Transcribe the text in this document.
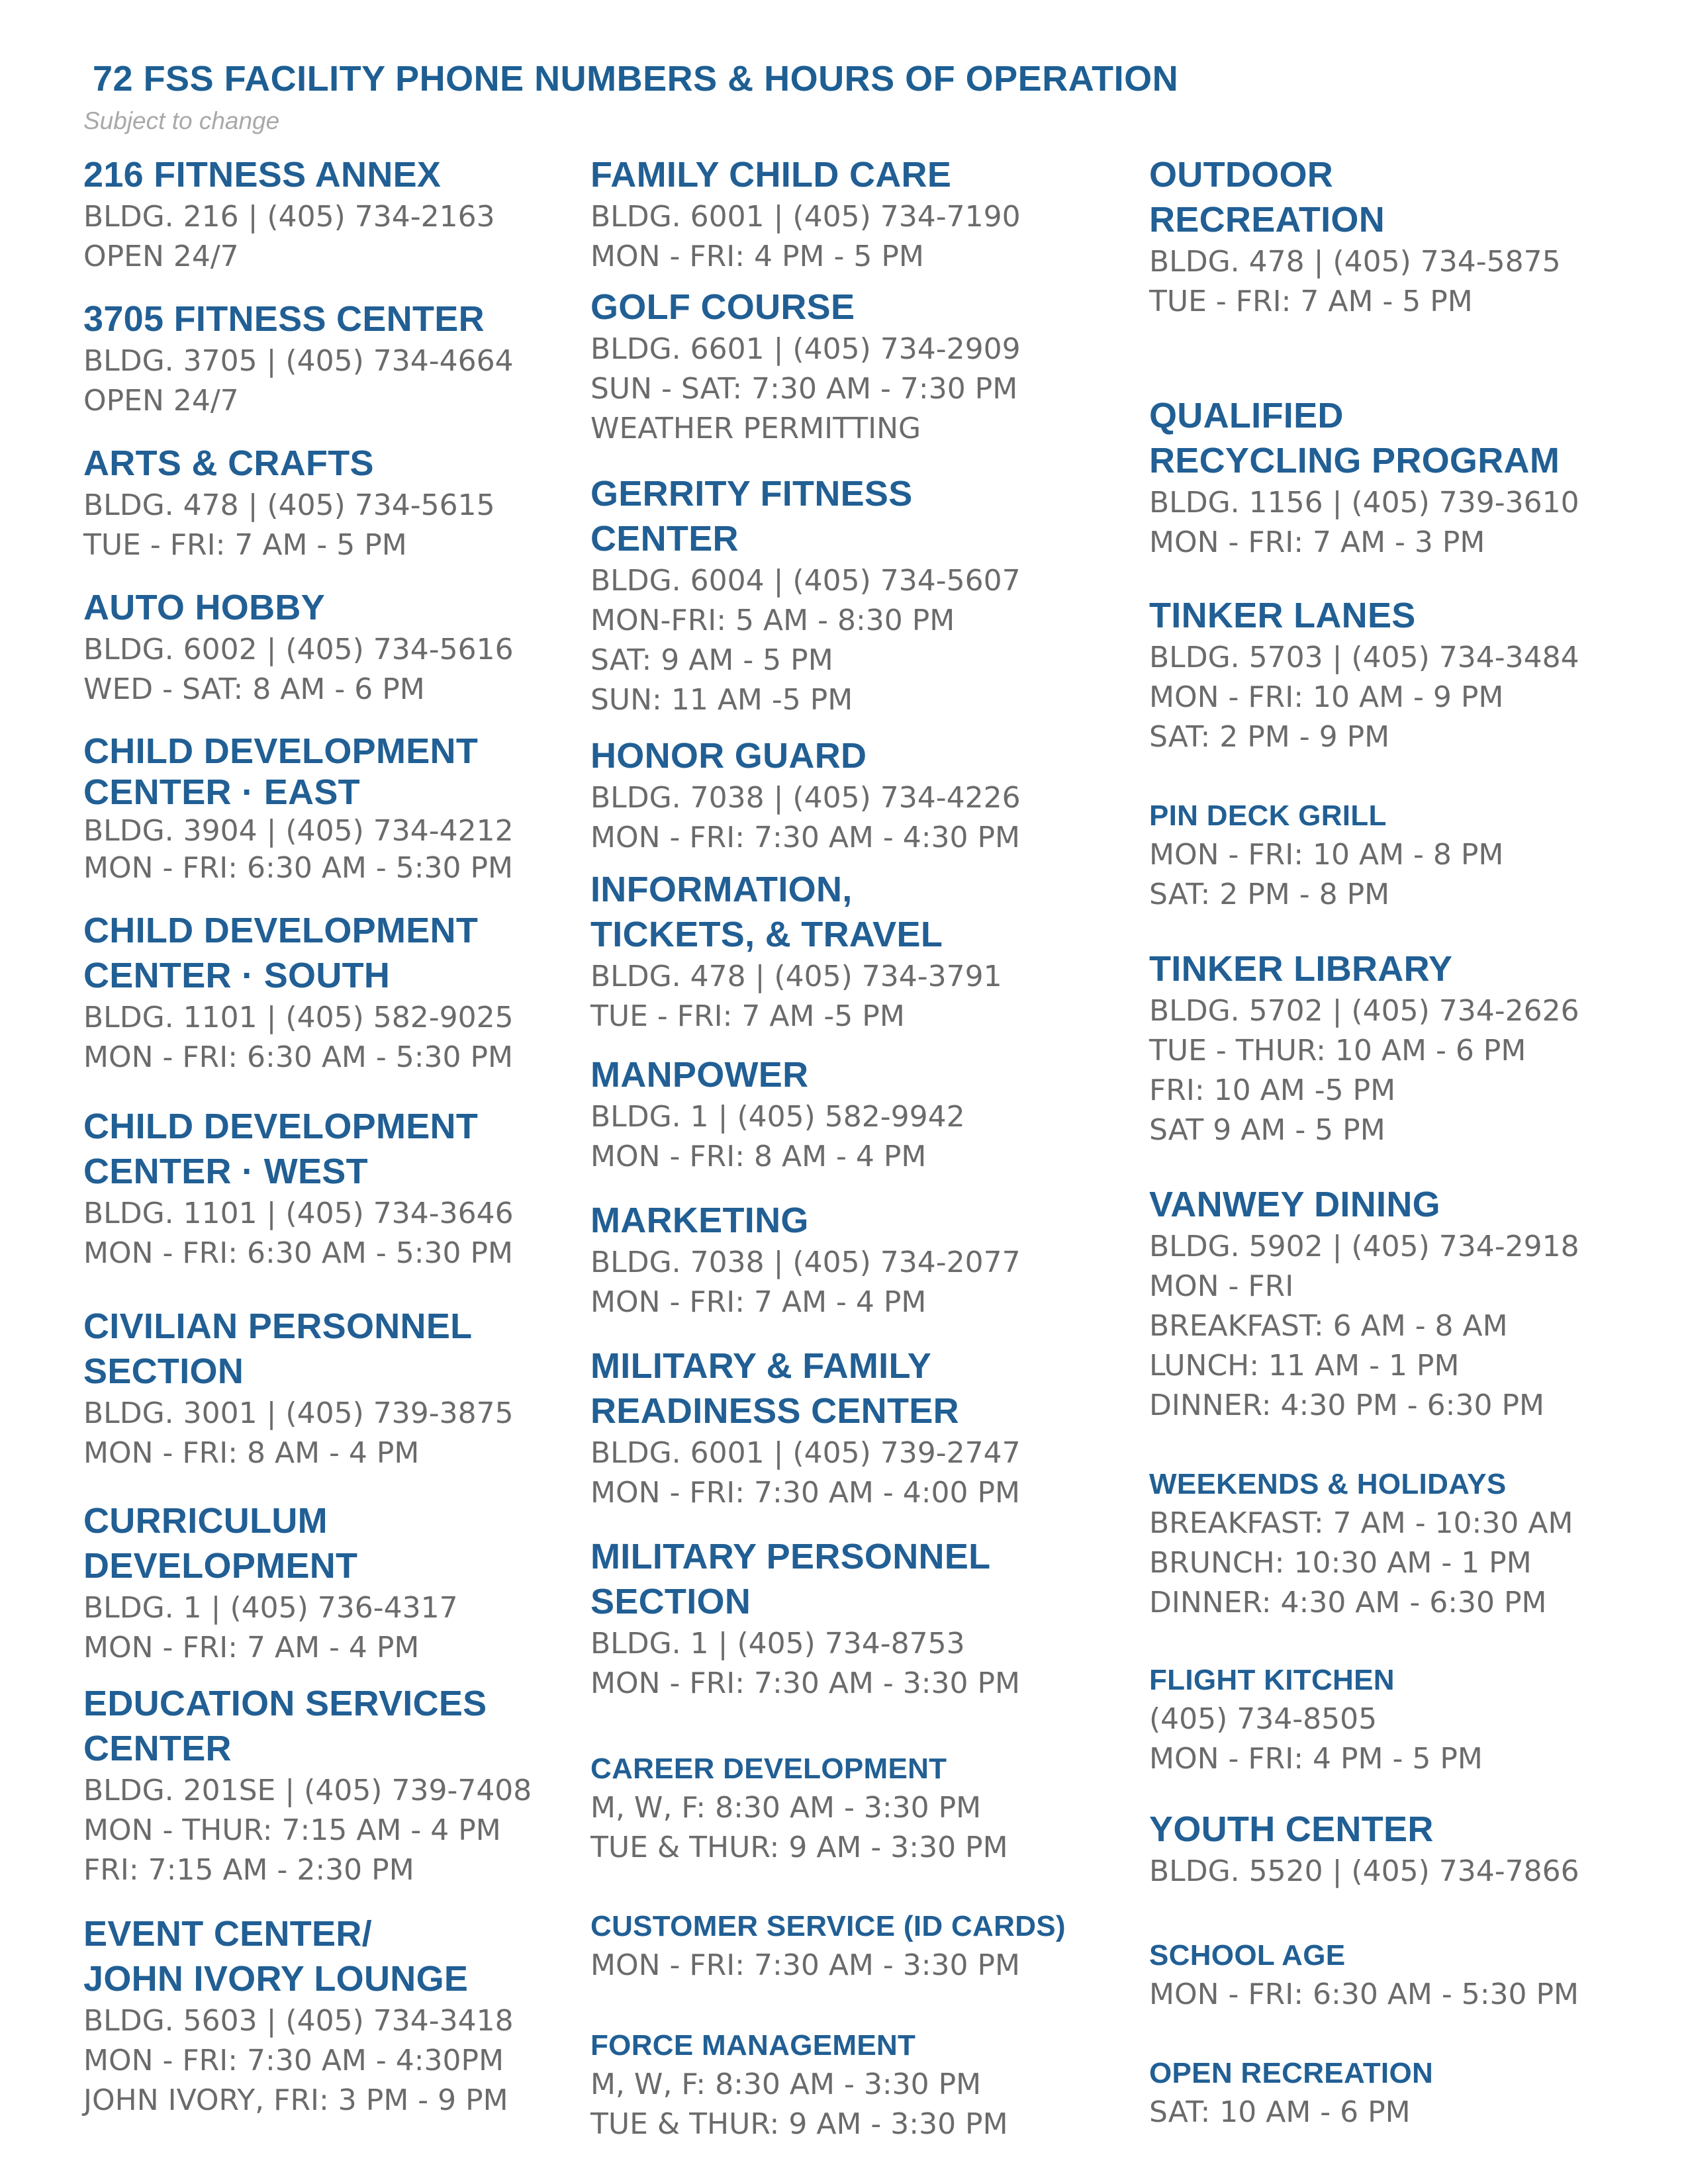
72 FSS FACILITY PHONE NUMBERS & HOURS OF OPERATION
Subject to change
216 FITNESS ANNEX
BLDG. 216 | (405) 734-2163
OPEN 24/7
3705 FITNESS CENTER
BLDG. 3705 | (405) 734-4664
OPEN 24/7
ARTS & CRAFTS
BLDG. 478 | (405) 734-5615
TUE - FRI: 7 AM - 5 PM
AUTO HOBBY
BLDG. 6002 | (405) 734-5616
WED - SAT: 8 AM - 6 PM
CHILD DEVELOPMENT
CENTER · EAST
BLDG. 3904 | (405) 734-4212
MON - FRI: 6:30 AM - 5:30 PM
CHILD DEVELOPMENT
CENTER · SOUTH
BLDG. 1101 | (405) 582-9025
MON - FRI: 6:30 AM - 5:30 PM
CHILD DEVELOPMENT
CENTER · WEST
BLDG. 1101 | (405) 734-3646
MON - FRI: 6:30 AM - 5:30 PM
CIVILIAN PERSONNEL
SECTION
BLDG. 3001 | (405) 739-3875
MON - FRI: 8 AM - 4 PM
CURRICULUM
DEVELOPMENT
BLDG. 1 | (405) 736-4317
MON - FRI: 7 AM - 4 PM
EDUCATION SERVICES
CENTER
BLDG. 201SE | (405) 739-7408
MON - THUR: 7:15 AM - 4 PM
FRI: 7:15 AM - 2:30 PM
EVENT CENTER/
JOHN IVORY LOUNGE
BLDG. 5603 | (405) 734-3418
MON - FRI: 7:30 AM - 4:30PM
JOHN IVORY, FRI: 3 PM - 9 PM
FAMILY CHILD CARE
BLDG. 6001 | (405) 734-7190
MON - FRI: 4 PM - 5 PM
GOLF COURSE
BLDG. 6601 | (405) 734-2909
SUN - SAT: 7:30 AM - 7:30 PM
WEATHER PERMITTING
GERRITY FITNESS
CENTER
BLDG. 6004 | (405) 734-5607
MON-FRI: 5 AM - 8:30 PM
SAT: 9 AM - 5 PM
SUN: 11 AM -5 PM
HONOR GUARD
BLDG. 7038 | (405) 734-4226
MON - FRI: 7:30 AM - 4:30 PM
INFORMATION,
TICKETS, & TRAVEL
BLDG. 478 | (405) 734-3791
TUE - FRI: 7 AM -5 PM
MANPOWER
BLDG. 1 | (405) 582-9942
MON - FRI: 8 AM - 4 PM
MARKETING
BLDG. 7038 | (405) 734-2077
MON - FRI: 7 AM - 4 PM
MILITARY & FAMILY
READINESS CENTER
BLDG. 6001 | (405) 739-2747
MON - FRI: 7:30 AM - 4:00 PM
MILITARY PERSONNEL
SECTION
BLDG. 1 | (405) 734-8753
MON - FRI: 7:30 AM - 3:30 PM
CAREER DEVELOPMENT
M, W, F: 8:30 AM - 3:30 PM
TUE & THUR: 9 AM - 3:30 PM
CUSTOMER SERVICE (ID CARDS)
MON - FRI: 7:30 AM - 3:30 PM
FORCE MANAGEMENT
M, W, F: 8:30 AM - 3:30 PM
TUE & THUR: 9 AM - 3:30 PM
OUTDOOR
RECREATION
BLDG. 478 | (405) 734-5875
TUE - FRI: 7 AM - 5 PM
QUALIFIED
RECYCLING PROGRAM
BLDG. 1156 | (405) 739-3610
MON - FRI: 7 AM - 3 PM
TINKER LANES
BLDG. 5703 | (405) 734-3484
MON - FRI: 10 AM - 9 PM
SAT: 2 PM - 9 PM
PIN DECK GRILL
MON - FRI: 10 AM - 8 PM
SAT: 2 PM - 8 PM
TINKER LIBRARY
BLDG. 5702 | (405) 734-2626
TUE - THUR: 10 AM - 6 PM
FRI: 10 AM -5 PM
SAT 9 AM - 5 PM
VANWEY DINING
BLDG. 5902 | (405) 734-2918
MON - FRI
BREAKFAST: 6 AM - 8 AM
LUNCH: 11 AM - 1 PM
DINNER: 4:30 PM - 6:30 PM
WEEKENDS & HOLIDAYS
BREAKFAST: 7 AM - 10:30 AM
BRUNCH: 10:30 AM - 1 PM
DINNER: 4:30 AM - 6:30 PM
FLIGHT KITCHEN
(405) 734-8505
MON - FRI: 4 PM - 5 PM
YOUTH CENTER
BLDG. 5520 | (405) 734-7866
SCHOOL AGE
MON - FRI: 6:30 AM - 5:30 PM
OPEN RECREATION
SAT: 10 AM - 6 PM
